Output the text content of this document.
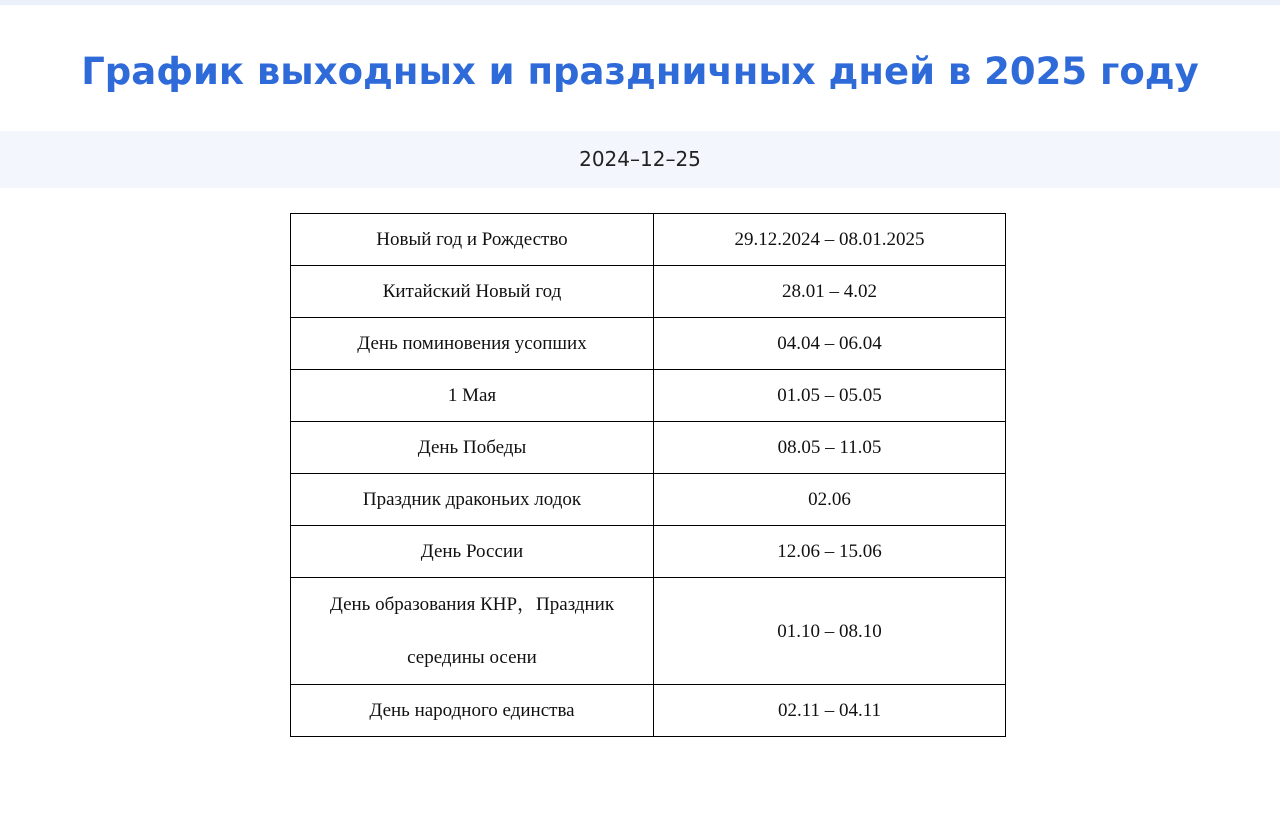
График выходных и праздничных дней в 2025 году
2024–12–25
Новый год и Рождество	29.12.2024 – 08.01.2025
Китайский Новый год	28.01 – 4.02
День поминовения усопших	04.04 – 06.04
1 Мая	01.05 – 05.05
День Победы	08.05 – 11.05
Праздник драконьих лодок	02.06
День России	12.06 – 15.06
День образования КНР，Праздник середины осени	01.10 – 08.10
День народного единства	02.11 – 04.11
